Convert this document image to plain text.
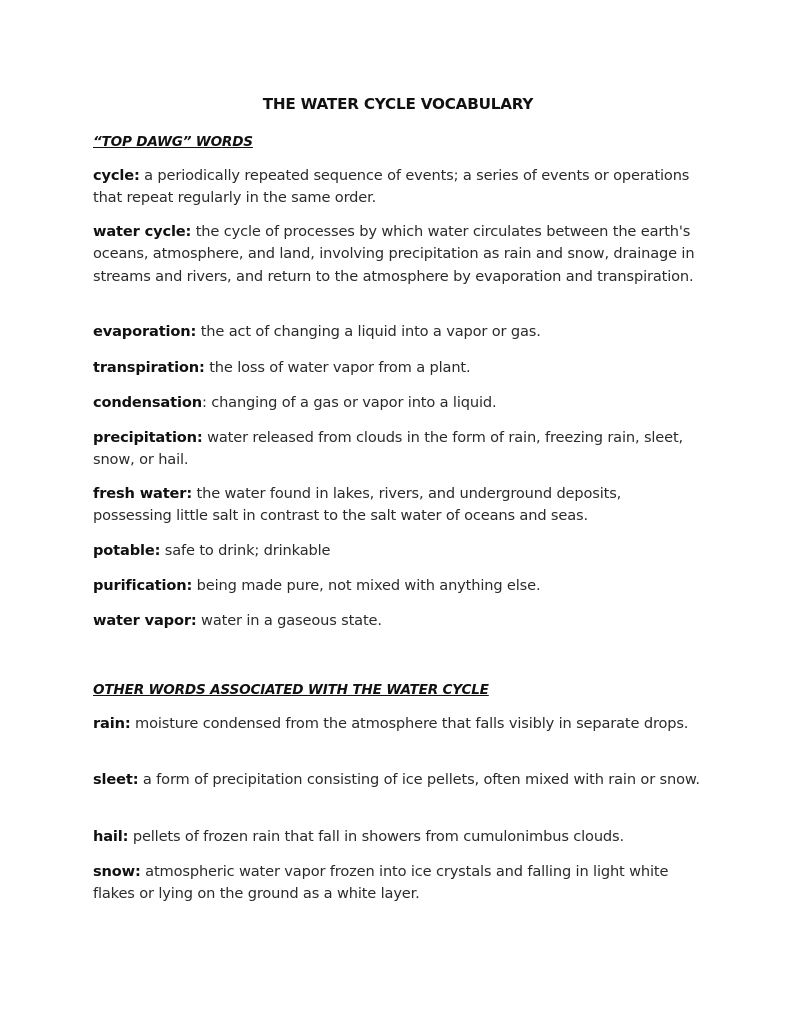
THE WATER CYCLE VOCABULARY
“TOP DAWG” WORDS

cycle: a periodically repeated sequence of events; a series of events or operations that repeat regularly in the same order.

water cycle: the cycle of processes by which water circulates between the earth's oceans, atmosphere, and land, involving precipitation as rain and snow, drainage in streams and rivers, and return to the atmosphere by evaporation and transpiration.

evaporation: the act of changing a liquid into a vapor or gas.

transpiration: the loss of water vapor from a plant.

condensation: changing of a gas or vapor into a liquid.

precipitation: water released from clouds in the form of rain, freezing rain, sleet, snow, or hail.

fresh water: the water found in lakes, rivers, and underground deposits, possessing little salt in contrast to the salt water of oceans and seas.

potable: safe to drink; drinkable

purification: being made pure, not mixed with anything else.

water vapor: water in a gaseous state.

OTHER WORDS ASSOCIATED WITH THE WATER CYCLE

rain: moisture condensed from the atmosphere that falls visibly in separate drops.

sleet: a form of precipitation consisting of ice pellets, often mixed with rain or snow.

hail: pellets of frozen rain that fall in showers from cumulonimbus clouds.

snow: atmospheric water vapor frozen into ice crystals and falling in light white flakes or lying on the ground as a white layer.
